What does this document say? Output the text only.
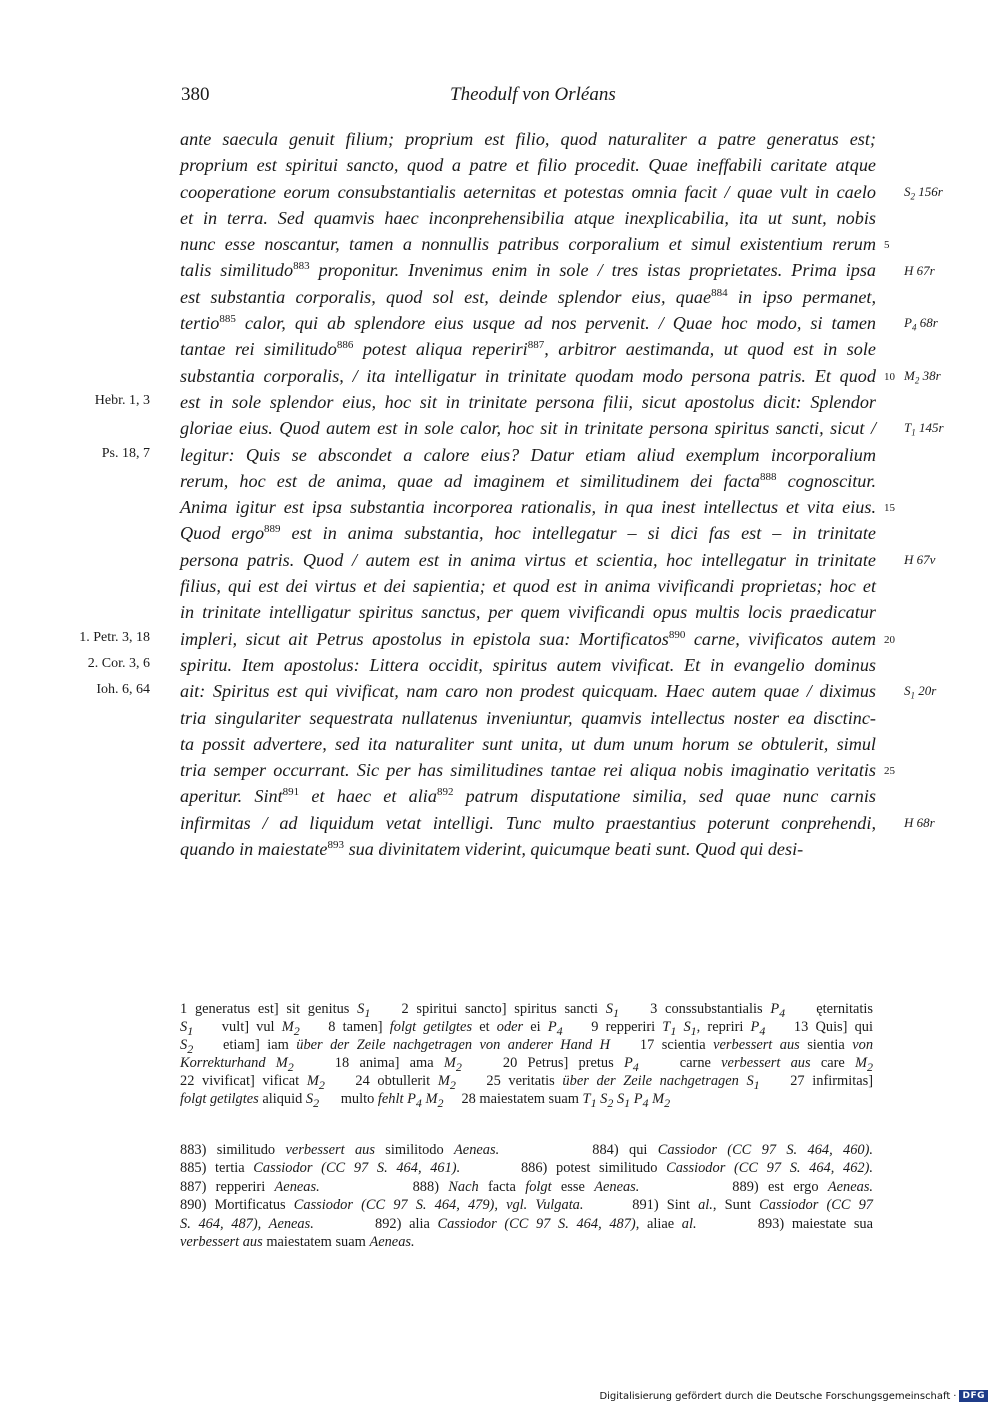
380	Theodulf von Orléans
ante saecula genuit filium; proprium est filio, quod naturaliter a patre generatus est;
proprium est spiritui sancto, quod a patre et filio procedit. Quae ineffabili caritate atque
cooperatione eorum consubstantialis aeternitas et potestas omnia facit / quae vult in caelo
et in terra. Sed quamvis haec inconprehensibilia atque inexplicabilia, ita ut sunt, nobis
nunc esse noscantur, tamen a nonnullis patribus corporalium et simul existentium rerum
talis similitudo$^{883}$ proponitur. Invenimus enim in sole / tres istas proprietates. Prima ipsa
est substantia corporalis, quod sol est, deinde splendor eius, quae$^{884}$ in ipso permanet,
tertio$^{885}$ calor, qui ab splendore eius usque ad nos pervenit. / Quae hoc modo, si tamen
tantae rei similitudo$^{886}$ potest aliqua reperiri$^{887}$, arbitror aestimanda, ut quod est in sole
substantia corporalis, / ita intelligatur in trinitate quodam modo persona patris. Et quod
est in sole splendor eius, hoc sit in trinitate persona filii, sicut apostolus dicit: Splendor
gloriae eius. Quod autem est in sole calor, hoc sit in trinitate persona spiritus sancti, sicut /
legitur: Quis se abscondet a calore eius? Datur etiam aliud exemplum incorporalium
rerum, hoc est de anima, quae ad imaginem et similitudinem dei facta$^{888}$ cognoscitur.
Anima igitur est ipsa substantia incorporea rationalis, in qua inest intellectus et vita eius.
Quod ergo$^{889}$ est in anima substantia, hoc intellegatur – si dici fas est – in trinitate
persona patris. Quod / autem est in anima virtus et scientia, hoc intellegatur in trinitate
filius, qui est dei virtus et dei sapientia; et quod est in anima vivificandi proprietas; hoc et
in trinitate intelligatur spiritus sanctus, per quem vivificandi opus multis locis praedicatur
impleri, sicut ait Petrus apostolus in epistola sua: Mortificatos$^{890}$ carne, vivificatos autem
spiritu. Item apostolus: Littera occidit, spiritus autem vivificat. Et in evangelio dominus
ait: Spiritus est qui vivificat, nam caro non prodest quicquam. Haec autem quae / diximus
tria singulariter sequestrata nullatenus inveniuntur, quamvis intellectus noster ea disctinc-
ta possit advertere, sed ita naturaliter sunt unita, ut dum unum horum se obtulerit, simul
tria semper occurrant. Sic per has similitudines tantae rei aliqua nobis imaginatio veritatis
aperitur. Sint$^{891}$ et haec et alia$^{892}$ patrum disputatione similia, sed quae nunc carnis
infirmitas / ad liquidum vetat intelligi. Tunc multo praestantius poterunt conprehendi,
quando in maiestate$^{893}$ sua divinitatem viderint, quicumque beati sunt. Quod qui desi-
Hebr. 1, 3
Ps. 18, 7
1. Petr. 3, 18
2. Cor. 3, 6
Ioh. 6, 64
5
10
15
20
25
$S_2$ 156r
H 67r
$P_4$ 68r
$M_2$ 38r
$T_1$ 145r
H 67v
$S_1$ 20r
H 68r
1 generatus est] sit genitus $S_1$    2 spiritui sancto] spiritus sancti $S_1$    3 conssubstantialis $P_4$    ęternitatis
$S_1$    vult] vul $M_2$    8 tamen] folgt getilgtes et oder ei $P_4$    9 repperiri $T_1$ $S_1$, repriri $P_4$    13 Quis] qui
$S_2$    etiam] iam über der Zeile nachgetragen von anderer Hand H    17 scientia verbessert aus sientia von
Korrekturhand $M_2$    18 anima] ama $M_2$    20 Petrus] pretus $P_4$    carne verbessert aus care $M_2$
22 vivificat] vificat $M_2$    24 obtullerit $M_2$    25 veritatis über der Zeile nachgetragen $S_1$    27 infirmitas]
folgt getilgtes aliquid $S_2$      multo fehlt $P_4$ $M_2$     28 maiestatem suam $T_1$ $S_2$ $S_1$ $P_4$ $M_2$
883) similitudo verbessert aus similitodo Aeneas.         884) qui Cassiodor (CC 97 S. 464, 460).
885) tertia Cassiodor (CC 97 S. 464, 461).       886) potest similitudo Cassiodor (CC 97 S. 464, 462).
887) repperiri Aeneas.          888) Nach facta folgt esse Aeneas.          889) est ergo Aeneas.
890) Mortificatus Cassiodor (CC 97 S. 464, 479), vgl. Vulgata.      891) Sint al., Sunt Cassiodor (CC 97
S. 464, 487), Aeneas.        892) alia Cassiodor (CC 97 S. 464, 487), aliae al.        893) maiestate sua
verbessert aus maiestatem suam Aeneas.
Digitalisierung gefördert durch die Deutsche Forschungsgemeinschaft · DFG
